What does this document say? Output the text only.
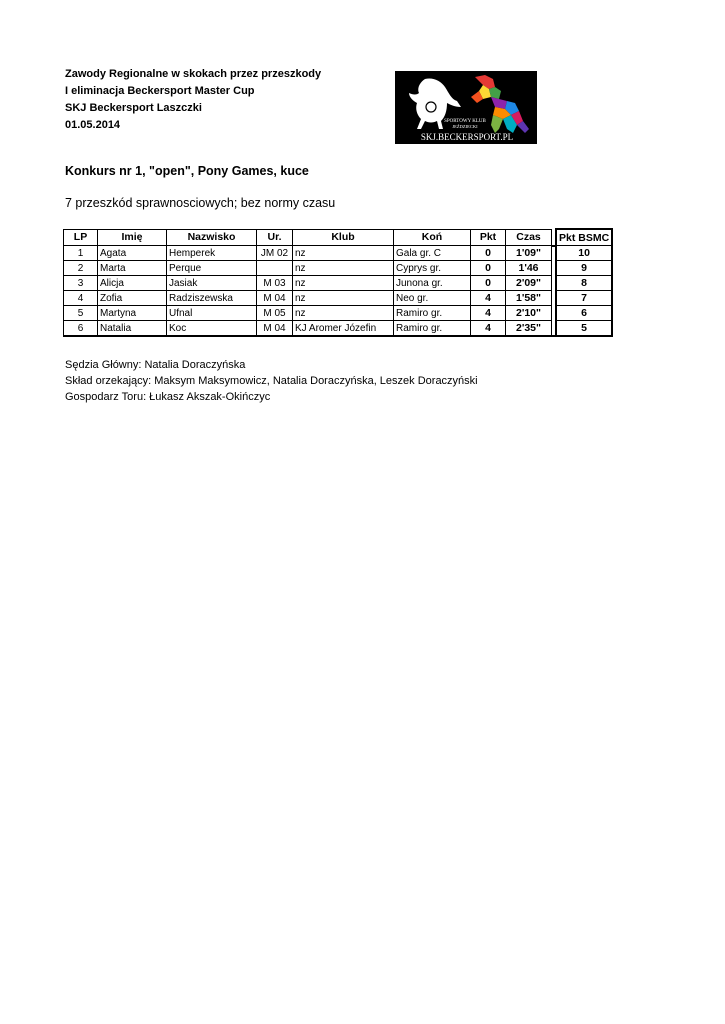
Zawody Regionalne w skokach przez przeszkody
I eliminacja Beckersport Master Cup
SKJ Beckersport Laszczki
01.05.2014	SPORTOWY KLUB
JEŹDZIECKI
SKJ.BECKERSPORT.PL
Konkurs nr 1, "open", Pony Games, kuce
7 przeszkód sprawnosciowych; bez normy czasu
LP	Imię	Nazwisko	Ur.	Klub	Koń	Pkt	Czas		Pkt BSMC
1	Agata	Hemperek	JM 02	nz	Gala gr. C	0	1'09"		10
2	Marta	Perque		nz	Cyprys gr.	0	1'46		9
3	Alicja	Jasiak	M 03	nz	Junona gr.	0	2'09"		8
4	Zofia	Radziszewska	M 04	nz	Neo gr.	4	1'58"		7
5	Martyna	Ufnal	M 05	nz	Ramiro gr.	4	2'10"		6
6	Natalia	Koc	M 04	KJ Aromer Józefin	Ramiro gr.	4	2'35"		5
Sędzia Główny: Natalia Doraczyńska
Skład orzekający: Maksym Maksymowicz, Natalia Doraczyńska, Leszek Doraczyński
Gospodarz Toru: Łukasz Akszak-Okińczyc
